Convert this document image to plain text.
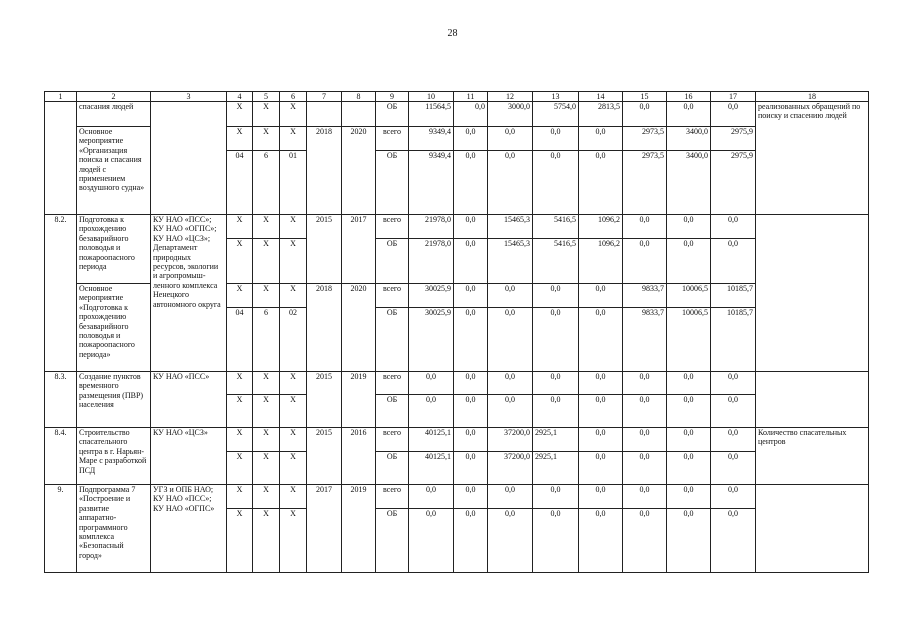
28
1	2	3	4	5	6	7	8	9	10	11	12	13	14	15	16	17	18
	спасания людей		X	X	X			ОБ	11564,5	0,0	3000,0	5754,0	2813,5	0,0	0,0	0,0	реализованных обращений по поиску и спасению людей
	Основное мероприятие «Организация поиска и спасания людей с применением воздушного судна»		X	X	X	2018	2020	всего	9349,4	0,0	0,0	0,0	0,0	2973,5	3400,0	2975,9	
			04	6	01			ОБ	9349,4	0,0	0,0	0,0	0,0	2973,5	3400,0	2975,9	
8.2.	Подготовка к прохождению безаварийного половодья и пожароопасного периода	КУ НАО «ПСС»; КУ НАО «ОГПС»; КУ НАО «ЦСЗ»; Департамент природных ресурсов, экологии и агропромыш-ленного комплекса Ненецкого автономного округа	X	X	X	2015	2017	всего	21978,0	0,0	15465,3	5416,5	1096,2	0,0	0,0	0,0	
			X	X	X			ОБ	21978,0	0,0	15465,3	5416,5	1096,2	0,0	0,0	0,0	
	Основное мероприятие «Подготовка к прохождению безаварийного половодья и пожароопасного периода»		X	X	X	2018	2020	всего	30025,9	0,0	0,0	0,0	0,0	9833,7	10006,5	10185,7	
			04	6	02			ОБ	30025,9	0,0	0,0	0,0	0,0	9833,7	10006,5	10185,7	
8.3.	Создание пунктов временного размещения (ПВР) населения	КУ НАО «ПСС»	X	X	X	2015	2019	всего	0,0	0,0	0,0	0,0	0,0	0,0	0,0	0,0	
			X	X	X			ОБ	0,0	0,0	0,0	0,0	0,0	0,0	0,0	0,0	
8.4.	Строительство спасательного центра в г. Нарьян-Маре с разработкой ПСД	КУ НАО «ЦСЗ»	X	X	X	2015	2016	всего	40125,1	0,0	37200,0	2925,1	0,0	0,0	0,0	0,0	Количество спасательных центров
			X	X	X			ОБ	40125,1	0,0	37200,0	2925,1	0,0	0,0	0,0	0,0	
9.	Подпрограмма 7 «Построение и развитие аппаратно-программного комплекса «Безопасный город»	УГЗ и ОПБ НАО; КУ НАО «ПСС»; КУ НАО «ОГПС»	X	X	X	2017	2019	всего	0,0	0,0	0,0	0,0	0,0	0,0	0,0	0,0	
			X	X	X			ОБ	0,0	0,0	0,0	0,0	0,0	0,0	0,0	0,0	
